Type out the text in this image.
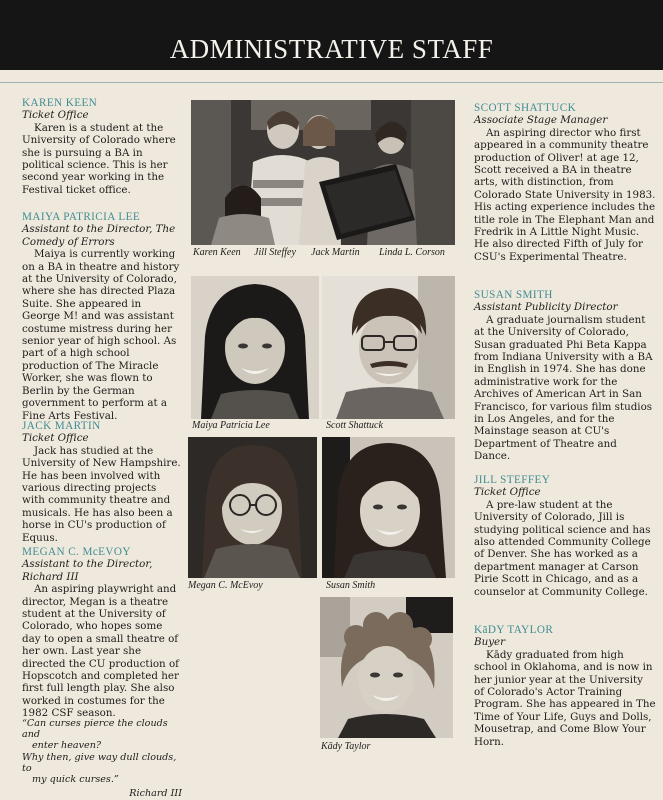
ADMINISTRATIVE STAFF
KAREN KEEN
Ticket Office

Karen is a student at the University of Colorado where she is pursuing a BA in political science. This is her second year working in the Festival ticket office.

MAIYA PATRICIA LEE
Assistant to the Director, The Comedy of Errors

Maiya is currently working on a BA in theatre and history at the University of Colorado, where she has directed Plaza Suite. She appeared in George M! and was assistant costume mistress during her senior year of high school. As part of a high school production of The Miracle Worker, she was flown to Berlin by the German government to perform at a Fine Arts Festival.

JACK MARTIN
Ticket Office

Jack has studied at the University of New Hampshire. He has been involved with various directing projects with community theatre and musicals. He has also been a horse in CU's production of Equus.

MEGAN C. McEVOY
Assistant to the Director, Richard III

An aspiring playwright and director, Megan is a theatre student at the University of Colorado, who hopes some day to open a small theatre of her own. Last year she directed the CU production of Hopscotch and completed her first full length play. She also worked in costumes for the 1982 CSF season.

“Can curses pierce the clouds and
enter heaven?
Why then, give way dull clouds, to
my quick curses.”
Richard III
Karen Keen Jill Steffey Jack Martin Linda L. Corson
Maiya Patricia Lee	Scott Shattuck
Megan C. McEvoy	Susan Smith
Kādy Taylor
SCOTT SHATTUCK
Associate Stage Manager

An aspiring director who first appeared in a community theatre production of Oliver! at age 12, Scott received a BA in theatre arts, with distinction, from Colorado State University in 1983. His acting experience includes the title role in The Elephant Man and Fredrik in A Little Night Music. He also directed Fifth of July for CSU's Experimental Theatre.

SUSAN SMITH
Assistant Publicity Director

A graduate journalism student at the University of Colorado, Susan graduated Phi Beta Kappa from Indiana University with a BA in English in 1974. She has done administrative work for the Archives of American Art in San Francisco, for various film studios in Los Angeles, and for the Mainstage season at CU's Department of Theatre and Dance.

JILL STEFFEY
Ticket Office

A pre-law student at the University of Colorado, Jill is studying political science and has also attended Community College of Denver. She has worked as a department manager at Carson Pirie Scott in Chicago, and as a counselor at Community College.

KāDY TAYLOR
Buyer

Kādy graduated from high school in Oklahoma, and is now in her junior year at the University of Colorado's Actor Training Program. She has appeared in The Time of Your Life, Guys and Dolls, Mousetrap, and Come Blow Your Horn.
